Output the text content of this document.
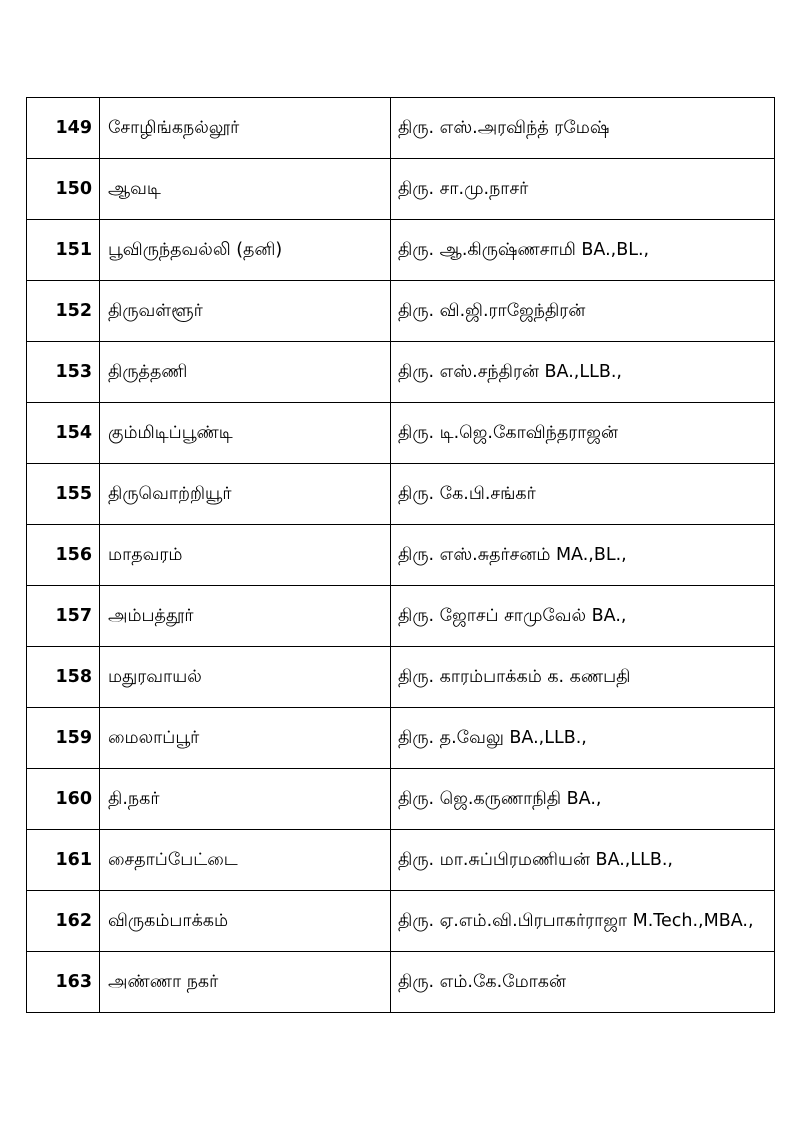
149	சோழிங்கநல்லூர்	திரு. எஸ்.அரவிந்த் ரமேஷ்
150	ஆவடி	திரு. சா.மு.நாசர்
151	பூவிருந்தவல்லி (தனி)	திரு. ஆ.கிருஷ்ணசாமி BA.,BL.,
152	திருவள்ளூர்	திரு. வி.ஜி.ராஜேந்திரன்
153	திருத்தணி	திரு. எஸ்.சந்திரன் BA.,LLB.,
154	கும்மிடிப்பூண்டி	திரு. டி.ஜெ.கோவிந்தராஜன்
155	திருவொற்றியூர்	திரு. கே.பி.சங்கர்
156	மாதவரம்	திரு. எஸ்.சுதர்சனம் MA.,BL.,
157	அம்பத்தூர்	திரு. ஜோசப் சாமுவேல் BA.,
158	மதுரவாயல்	திரு. காரம்பாக்கம் க. கணபதி
159	மைலாப்பூர்	திரு. த.வேலு BA.,LLB.,
160	தி.நகர்	திரு. ஜெ.கருணாநிதி BA.,
161	சைதாப்பேட்டை	திரு. மா.சுப்பிரமணியன் BA.,LLB.,
162	விருகம்பாக்கம்	திரு. ஏ.எம்.வி.பிரபாகர்ராஜா M.Tech.,MBA.,
163	அண்ணா நகர்	திரு. எம்.கே.மோகன்
